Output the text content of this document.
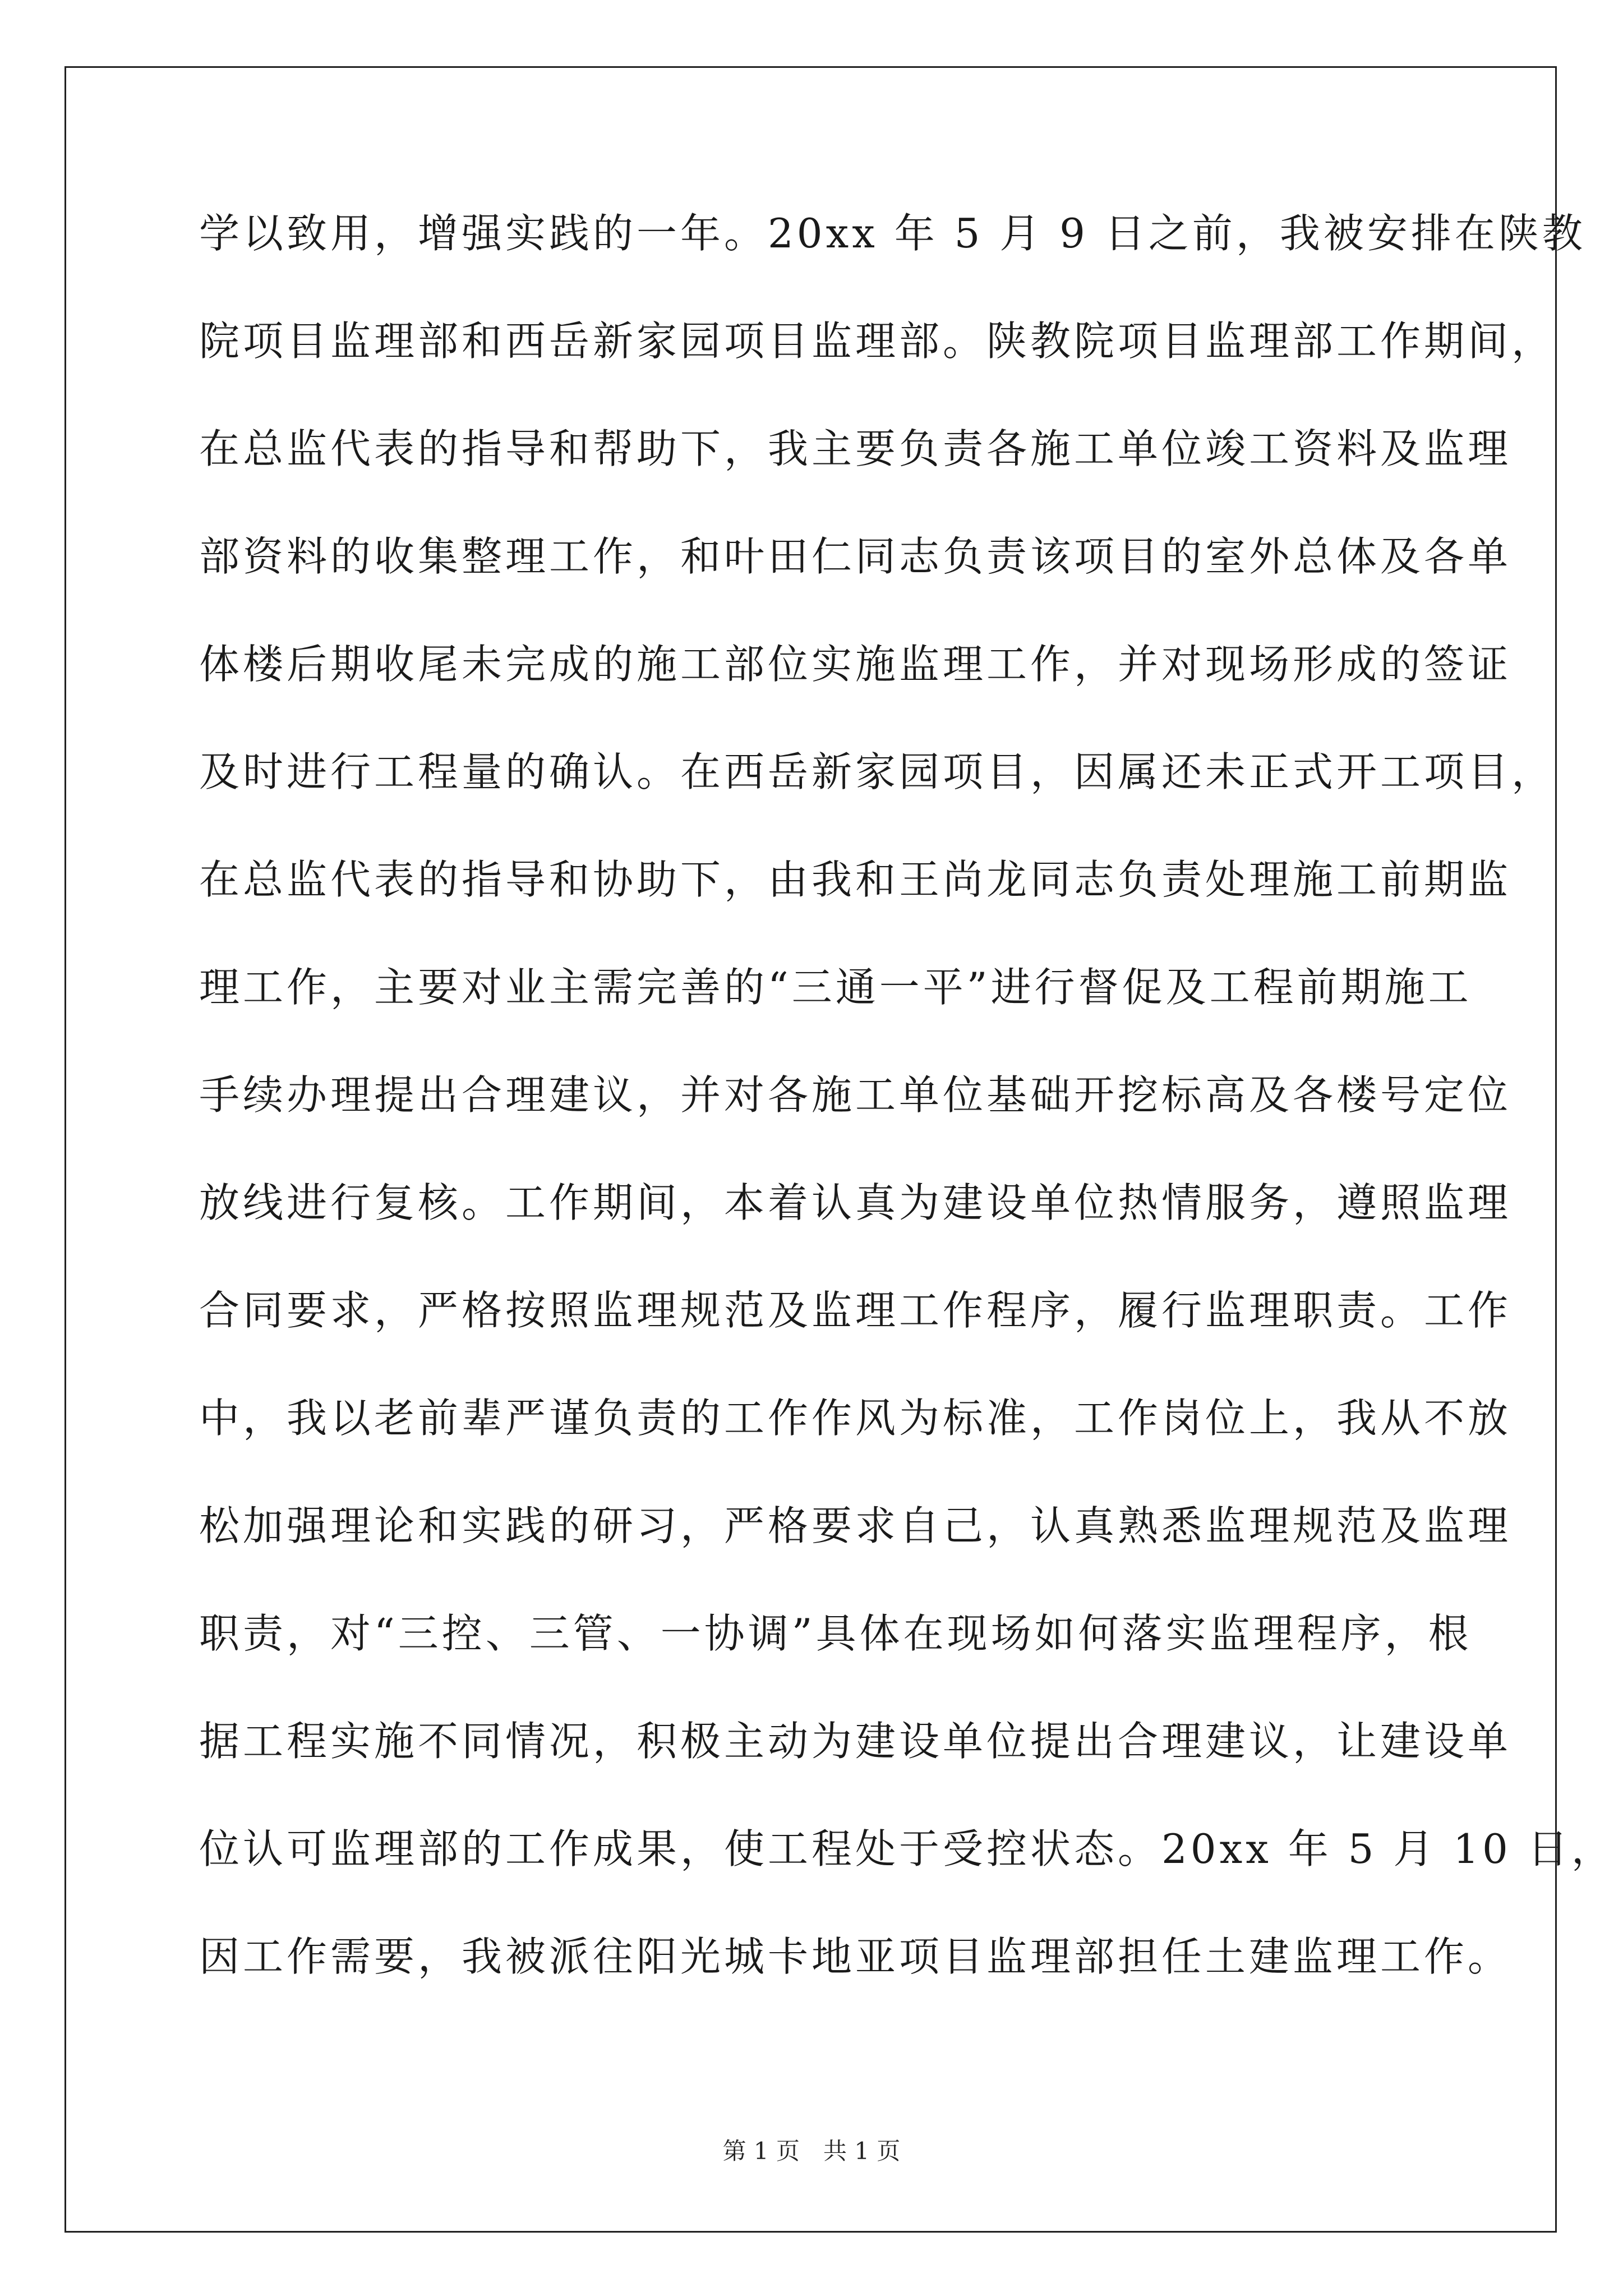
学以致用，增强实践的一年。20xx 年 5 月 9 日之前，我被安排在陕教
院项目监理部和西岳新家园项目监理部。陕教院项目监理部工作期间，
在总监代表的指导和帮助下，我主要负责各施工单位竣工资料及监理
部资料的收集整理工作，和叶田仁同志负责该项目的室外总体及各单
体楼后期收尾未完成的施工部位实施监理工作，并对现场形成的签证
及时进行工程量的确认。在西岳新家园项目，因属还未正式开工项目，
在总监代表的指导和协助下，由我和王尚龙同志负责处理施工前期监
理工作，主要对业主需完善的“三通一平”进行督促及工程前期施工
手续办理提出合理建议，并对各施工单位基础开挖标高及各楼号定位
放线进行复核。工作期间，本着认真为建设单位热情服务，遵照监理
合同要求，严格按照监理规范及监理工作程序，履行监理职责。工作
中，我以老前辈严谨负责的工作作风为标准，工作岗位上，我从不放
松加强理论和实践的研习，严格要求自己，认真熟悉监理规范及监理
职责，对“三控、三管、一协调”具体在现场如何落实监理程序，根
据工程实施不同情况，积极主动为建设单位提出合理建议，让建设单
位认可监理部的工作成果，使工程处于受控状态。20xx 年 5 月 10 日，
因工作需要，我被派往阳光城卡地亚项目监理部担任土建监理工作。
第 1 页　共 1 页
